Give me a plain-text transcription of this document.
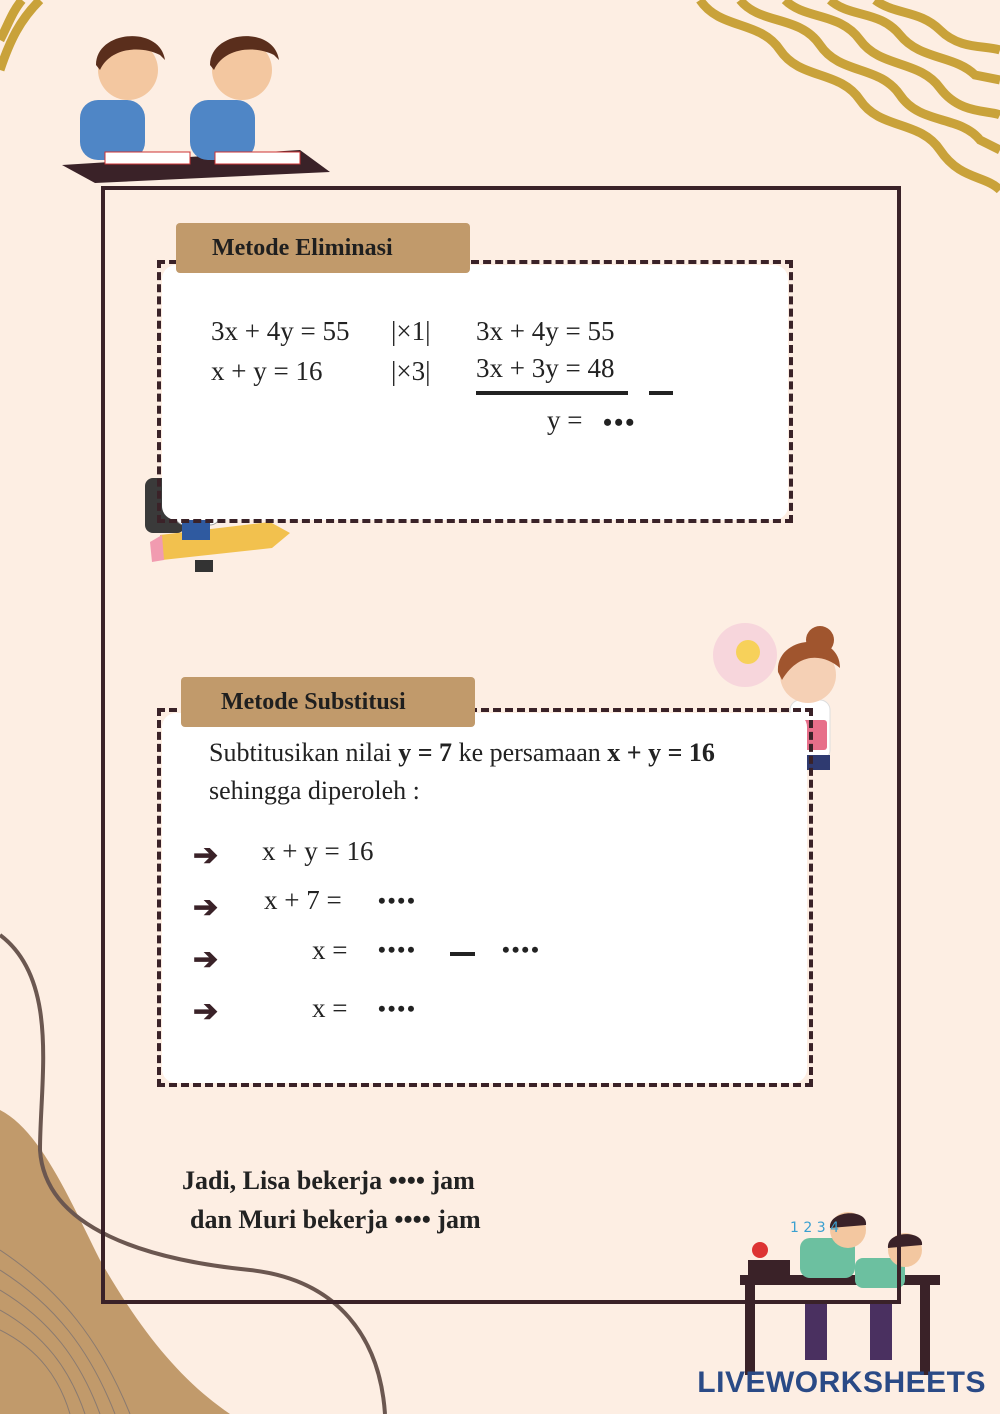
1 2 3 4
Metode Eliminasi
3x + 4y = 55 |×1| 3x + 4y = 55
x + y = 16	|×3| 3x + 3y = 48
y = •••
Metode Substitusi
Subtitusikan nilai y = 7 ke persamaan x + y = 16
sehingga diperoleh :
➔ x + y = 16
➔ x + 7 = ••••
➔	x = ••••	••••
➔	x = ••••
Jadi, Lisa bekerja •••• jam
dan Muri bekerja •••• jam
LIVEWORKSHEETS
